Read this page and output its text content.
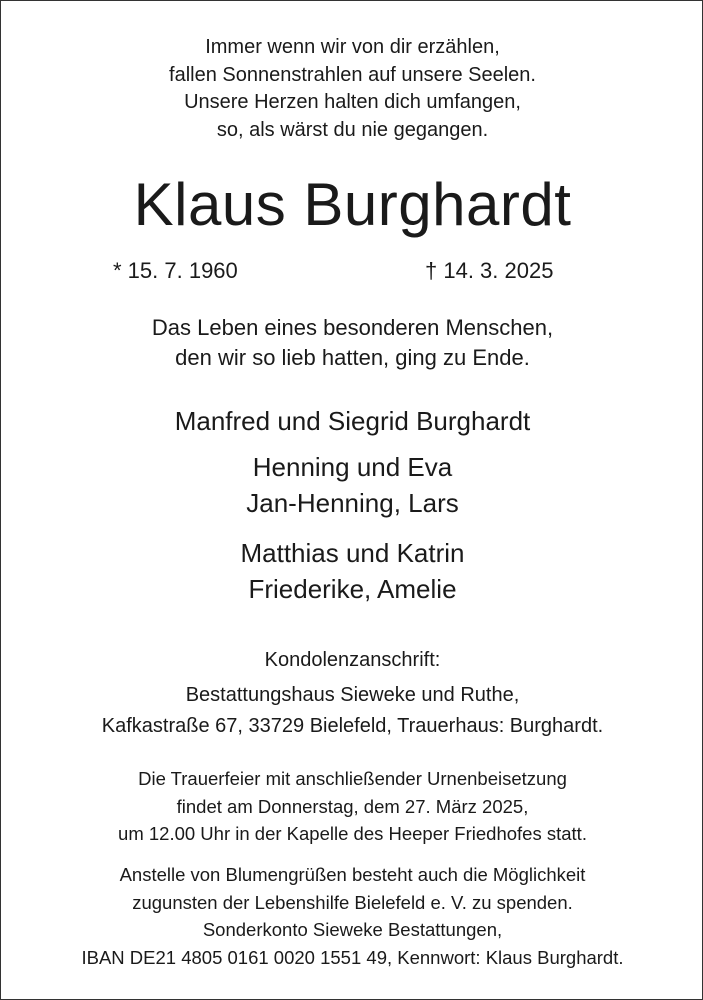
Immer wenn wir von dir erzählen,
fallen Sonnenstrahlen auf unsere Seelen.
Unsere Herzen halten dich umfangen,
so, als wärst du nie gegangen.
Klaus Burghardt
* 15. 7. 1960	† 14. 3. 2025
Das Leben eines besonderen Menschen,
den wir so lieb hatten, ging zu Ende.
Manfred und Siegrid Burghardt
Henning und Eva
Jan-Henning, Lars
Matthias und Katrin
Friederike, Amelie
Kondolenzanschrift:
Bestattungshaus Sieweke und Ruthe,
Kafkastraße 67, 33729 Bielefeld, Trauerhaus: Burghardt.
Die Trauerfeier mit anschließender Urnenbeisetzung
findet am Donnerstag, dem 27. März 2025,
um 12.00 Uhr in der Kapelle des Heeper Friedhofes statt.
Anstelle von Blumengrüßen besteht auch die Möglichkeit
zugunsten der Lebenshilfe Bielefeld e. V. zu spenden.
Sonderkonto Sieweke Bestattungen,
IBAN DE21 4805 0161 0020 1551 49, Kennwort: Klaus Burghardt.
